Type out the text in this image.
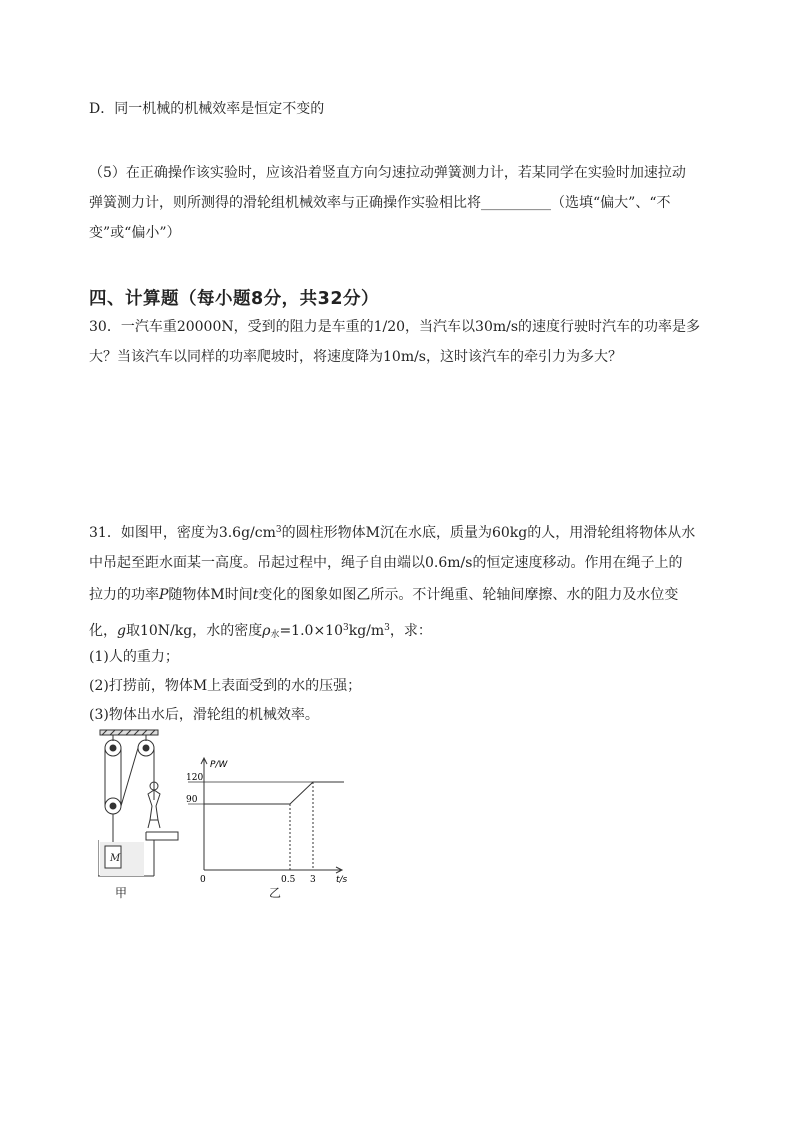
D．同一机械的机械效率是恒定不变的
（5）在正确操作该实验时，应该沿着竖直方向匀速拉动弹簧测力计，若某同学在实验时加速拉动
弹簧测力计，则所测得的滑轮组机械效率与正确操作实验相比将__________（选填“偏大”、“不
变”或“偏小”）
四、计算题（每小题8分，共32分）
30．一汽车重20000N，受到的阻力是车重的1/20，当汽车以30m/s的速度行驶时汽车的功率是多
大？当该汽车以同样的功率爬坡时，将速度降为10m/s，这时该汽车的牵引力为多大？
31．如图甲，密度为$3.6g/cm^3$的圆柱形物体M沉在水底，质量为60kg的人，用滑轮组将物体从水
中吊起至距水面某一高度。吊起过程中，绳子自由端以0.6m/s的恒定速度移动。作用在绳子上的
拉力的功率P随物体M时间t变化的图象如图乙所示。不计绳重、轮轴间摩擦、水的阻力及水位变
化，g取10N/kg，水的密度$\rho_水=1.0\times 10^3kg/m^3$，求：
(1)人的重力；
(2)打捞前，物体M上表面受到的水的压强；
(3)物体出水后，滑轮组的机械效率。
M
甲
P/W
t/s
0
120
90
0.5 3
乙
